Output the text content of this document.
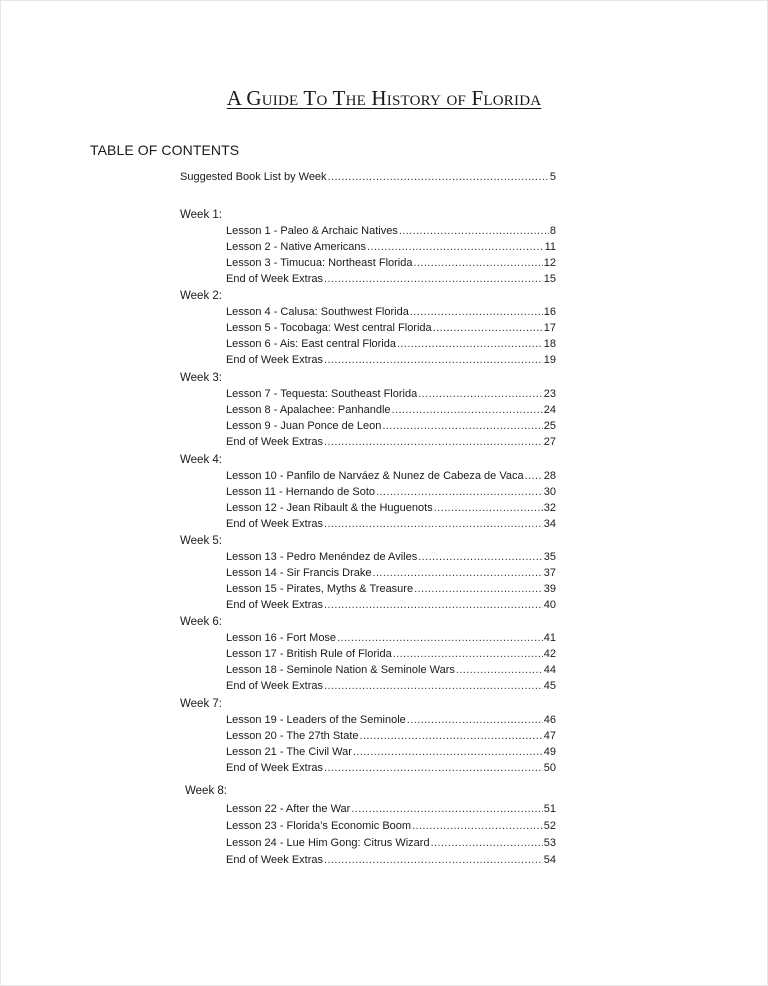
A Guide To The History of Florida
TABLE OF CONTENTS
Suggested Book List by Week .....	5
Week 1:
Lesson 1 - Paleo & Archaic Natives .....	8
Lesson 2 - Native Americans .....	11
Lesson 3 - Timucua: Northeast Florida .....	12
End of Week Extras .....	15
Week 2:
Lesson 4 - Calusa: Southwest Florida .....	16
Lesson 5 - Tocobaga: West central Florida .....	17
Lesson 6 - Ais: East central Florida .....	18
End of Week Extras .....	19
Week 3:
Lesson 7 - Tequesta: Southeast Florida .....	23
Lesson 8 - Apalachee: Panhandle .....	24
Lesson 9 - Juan Ponce de Leon .....	25
End of Week Extras .....	27
Week 4:
Lesson 10 - Panfilo de Narváez & Nunez de Cabeza de Vaca ..... 28
Lesson 11 - Hernando de Soto .....	30
Lesson 12 - Jean Ribault & the Huguenots .....	32
End of Week Extras .....	34
Week 5:
Lesson 13 - Pedro Menéndez de Aviles .....	35
Lesson 14 - Sir Francis Drake .....	37
Lesson 15 - Pirates, Myths & Treasure .....	39
End of Week Extras .....	40
Week 6:
Lesson 16 - Fort Mose .....	41
Lesson 17 - British Rule of Florida .....	42
Lesson 18 - Seminole Nation & Seminole Wars .....	44
End of Week Extras .....	45
Week 7:
Lesson 19 - Leaders of the Seminole .....	46
Lesson 20 - The 27th State .....	47
Lesson 21 - The Civil War .....	49
End of Week Extras .....	50
Week 8:
Lesson 22 - After the War .....	51
Lesson 23 - Florida’s Economic Boom .....	52
Lesson 24 - Lue Him Gong: Citrus Wizard .....	53
End of Week Extras .....	54
